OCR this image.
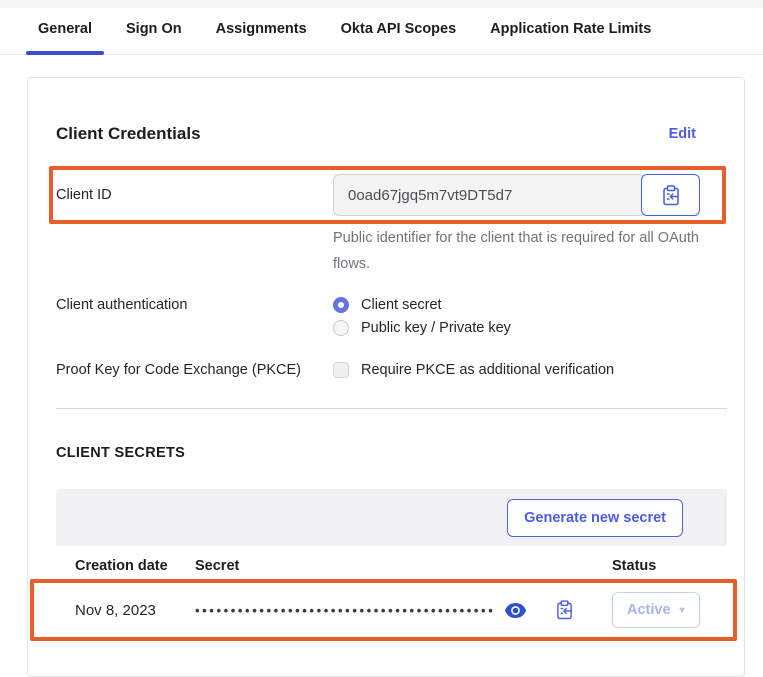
General	Sign On	Assignments	Okta API Scopes	Application Rate Limits
Client Credentials	Edit
Client ID
0oad67jgq5m7vt9DT5d7
Public identifier for the client that is required for all OAuth flows.
Client authentication	Client secret
Public key / Private key
Proof Key for Code Exchange (PKCE)	Require PKCE as additional verification
CLIENT SECRETS
Generate new secret
Creation date	Secret	Status
Nov 8, 2023	••••••••••••••••••••••••••••••••••••••••••	Active ▾
